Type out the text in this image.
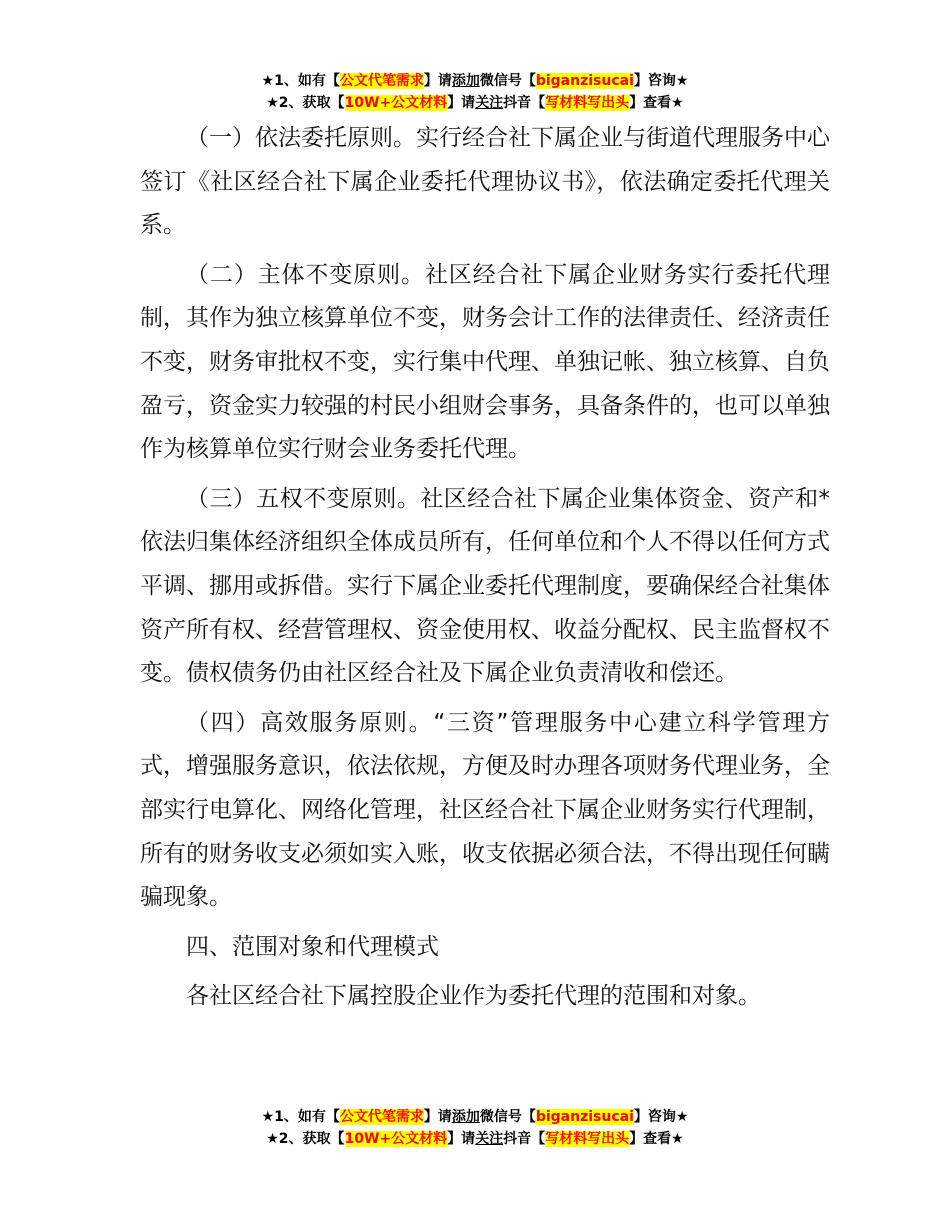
★1、如有【公文代笔需求】请添加微信号【biganzisucai】咨询★
★2、获取【10W+公文材料】请关注抖音【写材料写出头】查看★

（一）依法委托原则。实行经合社下属企业与街道代理服务中心签订《社区经合社下属企业委托代理协议书》，依法确定委托代理关系。

（二）主体不变原则。社区经合社下属企业财务实行委托代理制，其作为独立核算单位不变，财务会计工作的法律责任、经济责任不变，财务审批权不变，实行集中代理、单独记帐、独立核算、自负盈亏，资金实力较强的村民小组财会事务，具备条件的，也可以单独作为核算单位实行财会业务委托代理。

（三）五权不变原则。社区经合社下属企业集体资金、资产和*依法归集体经济组织全体成员所有，任何单位和个人不得以任何方式平调、挪用或拆借。实行下属企业委托代理制度，要确保经合社集体资产所有权、经营管理权、资金使用权、收益分配权、民主监督权不变。债权债务仍由社区经合社及下属企业负责清收和偿还。

（四）高效服务原则。“三资”管理服务中心建立科学管理方式，增强服务意识，依法依规，方便及时办理各项财务代理业务，全部实行电算化、网络化管理，社区经合社下属企业财务实行代理制，所有的财务收支必须如实入账，收支依据必须合法，不得出现任何瞒骗现象。

四、范围对象和代理模式

各社区经合社下属控股企业作为委托代理的范围和对象。

★1、如有【公文代笔需求】请添加微信号【biganzisucai】咨询★
★2、获取【10W+公文材料】请关注抖音【写材料写出头】查看★
